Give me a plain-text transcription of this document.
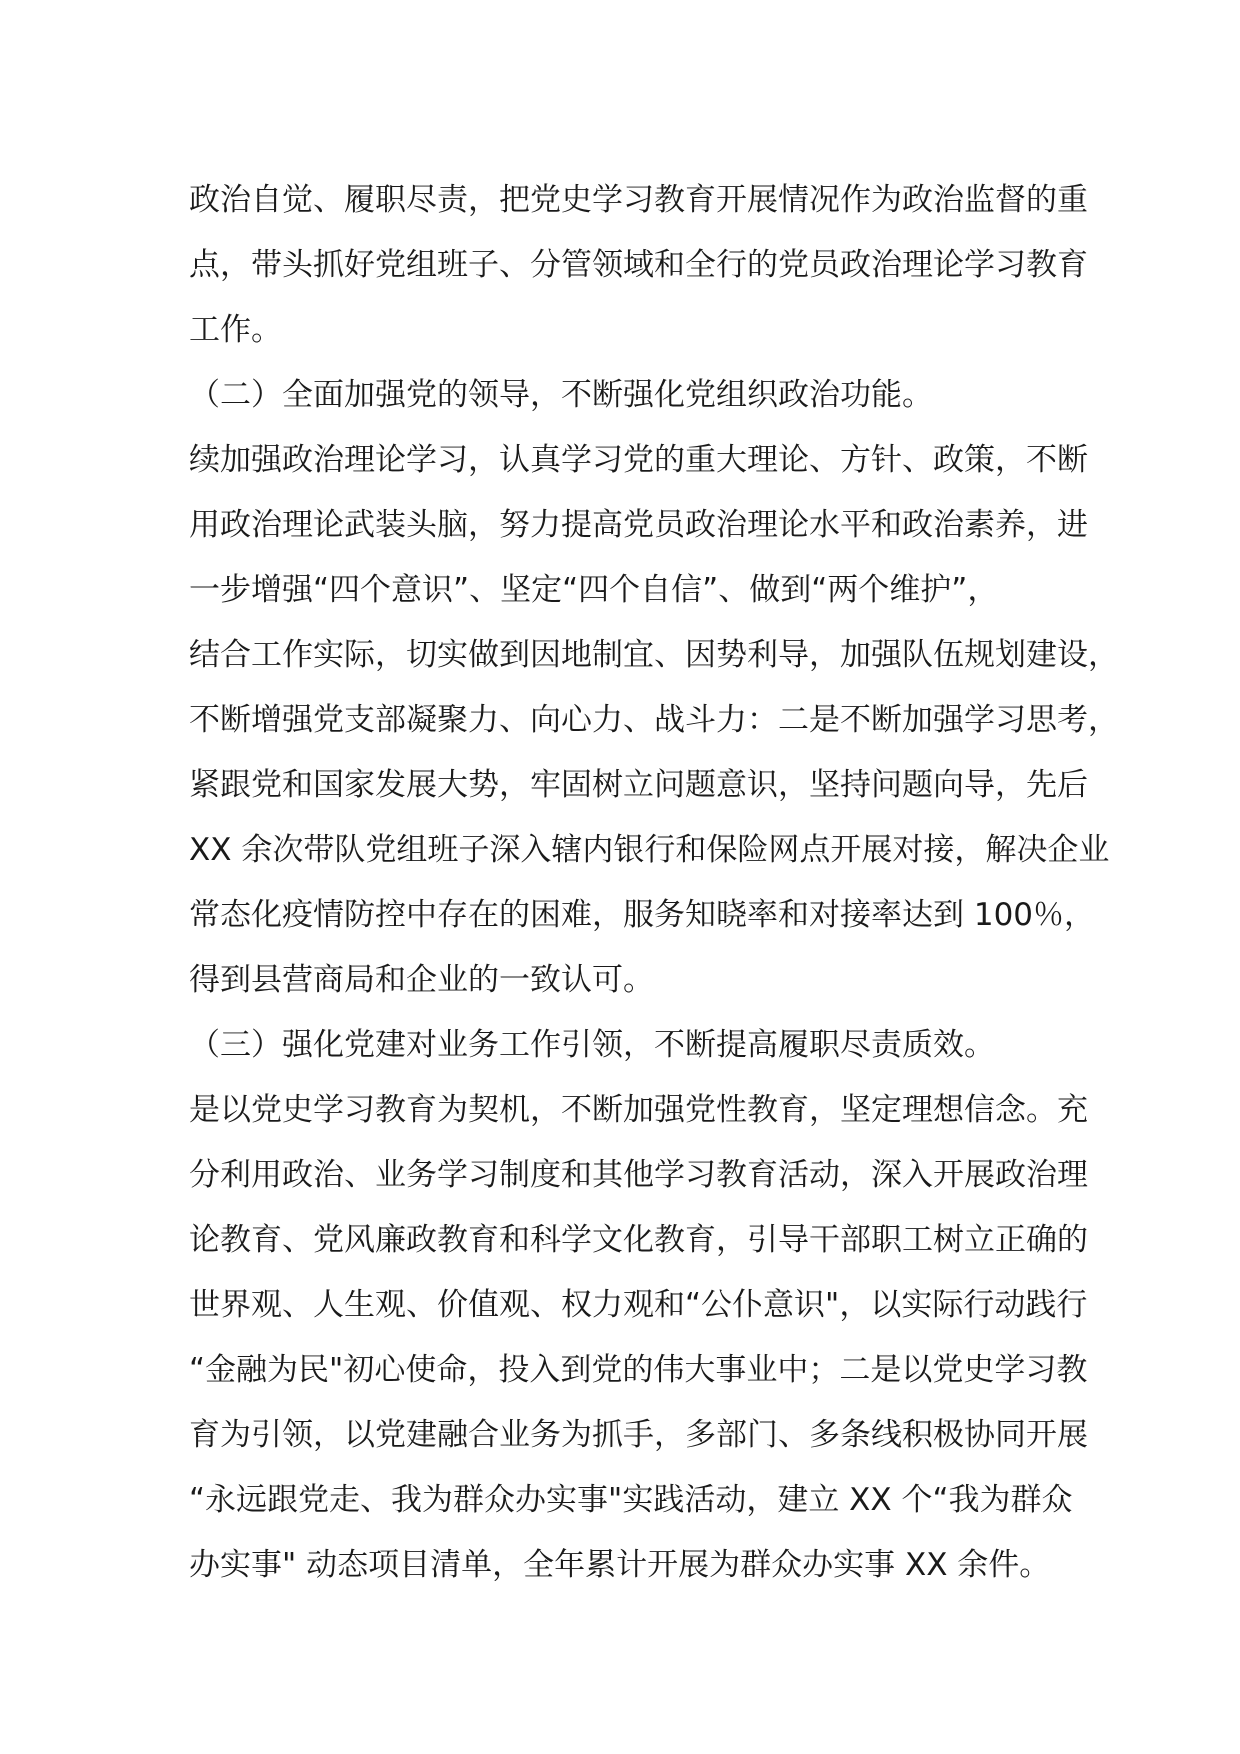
政治自觉、履职尽责，把党史学习教育开展情况作为政治监督的重
点，带头抓好党组班子、分管领域和全行的党员政治理论学习教育
工作。
（二）全面加强党的领导，不断强化党组织政治功能。
续加强政治理论学习，认真学习党的重大理论、方针、政策，不断
用政治理论武装头脑，努力提高党员政治理论水平和政治素养，进
一步增强“四个意识”、坚定“四个自信”、做到“两个维护”，
结合工作实际，切实做到因地制宜、因势利导，加强队伍规划建设，
不断增强党支部凝聚力、向心力、战斗力：二是不断加强学习思考，
紧跟党和国家发展大势，牢固树立问题意识，坚持问题向导，先后
XX 余次带队党组班子深入辖内银行和保险网点开展对接，解决企业
常态化疫情防控中存在的困难，服务知晓率和对接率达到 100％，
得到县营商局和企业的一致认可。
（三）强化党建对业务工作引领，不断提高履职尽责质效。
是以党史学习教育为契机，不断加强党性教育，坚定理想信念。充
分利用政治、业务学习制度和其他学习教育活动，深入开展政治理
论教育、党风廉政教育和科学文化教育，引导干部职工树立正确的
世界观、人生观、价值观、权力观和“公仆意识"，以实际行动践行
“金融为民"初心使命，投入到党的伟大事业中；二是以党史学习教
育为引领，以党建融合业务为抓手，多部门、多条线积极协同开展
“永远跟党走、我为群众办实事"实践活动，建立 XX 个“我为群众
办实事" 动态项目清单，全年累计开展为群众办实事 XX 余件。
